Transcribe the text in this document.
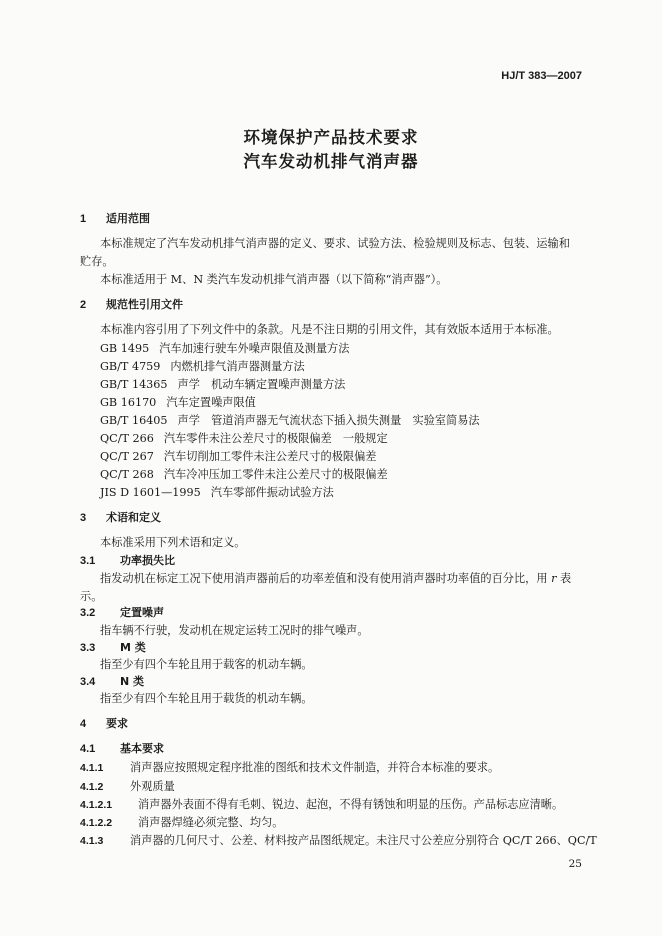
HJ/T 383—2007
环境保护产品技术要求
汽车发动机排气消声器
1 适用范围
本标准规定了汽车发动机排气消声器的定义、要求、试验方法、检验规则及标志、包装、运输和
贮存。
本标准适用于 M、N 类汽车发动机排气消声器（以下简称“消声器”）。
2 规范性引用文件
本标准内容引用了下列文件中的条款。凡是不注日期的引用文件，其有效版本适用于本标准。
GB 1495 汽车加速行驶车外噪声限值及测量方法
GB/T 4759 内燃机排气消声器测量方法
GB/T 14365 声学　机动车辆定置噪声测量方法
GB 16170 汽车定置噪声限值
GB/T 16405 声学　管道消声器无气流状态下插入损失测量　实验室简易法
QC/T 266 汽车零件未注公差尺寸的极限偏差　一般规定
QC/T 267 汽车切削加工零件未注公差尺寸的极限偏差
QC/T 268 汽车冷冲压加工零件未注公差尺寸的极限偏差
JIS D 1601—1995 汽车零部件振动试验方法
3 术语和定义
本标准采用下列术语和定义。
3.1 功率损失比
指发动机在标定工况下使用消声器前后的功率差值和没有使用消声器时功率值的百分比，用 r 表
示。
3.2 定置噪声
指车辆不行驶，发动机在规定运转工况时的排气噪声。
3.3 M 类
指至少有四个车轮且用于载客的机动车辆。
3.4 N 类
指至少有四个车轮且用于载货的机动车辆。
4 要求
4.1 基本要求
4.1.1 消声器应按照规定程序批准的图纸和技术文件制造，并符合本标准的要求。
4.1.2 外观质量
4.1.2.1 消声器外表面不得有毛刺、锐边、起泡，不得有锈蚀和明显的压伤。产品标志应清晰。
4.1.2.2 消声器焊缝必须完整、均匀。
4.1.3 消声器的几何尺寸、公差、材料按产品图纸规定。未注尺寸公差应分别符合 QC/T 266、QC/T
25
